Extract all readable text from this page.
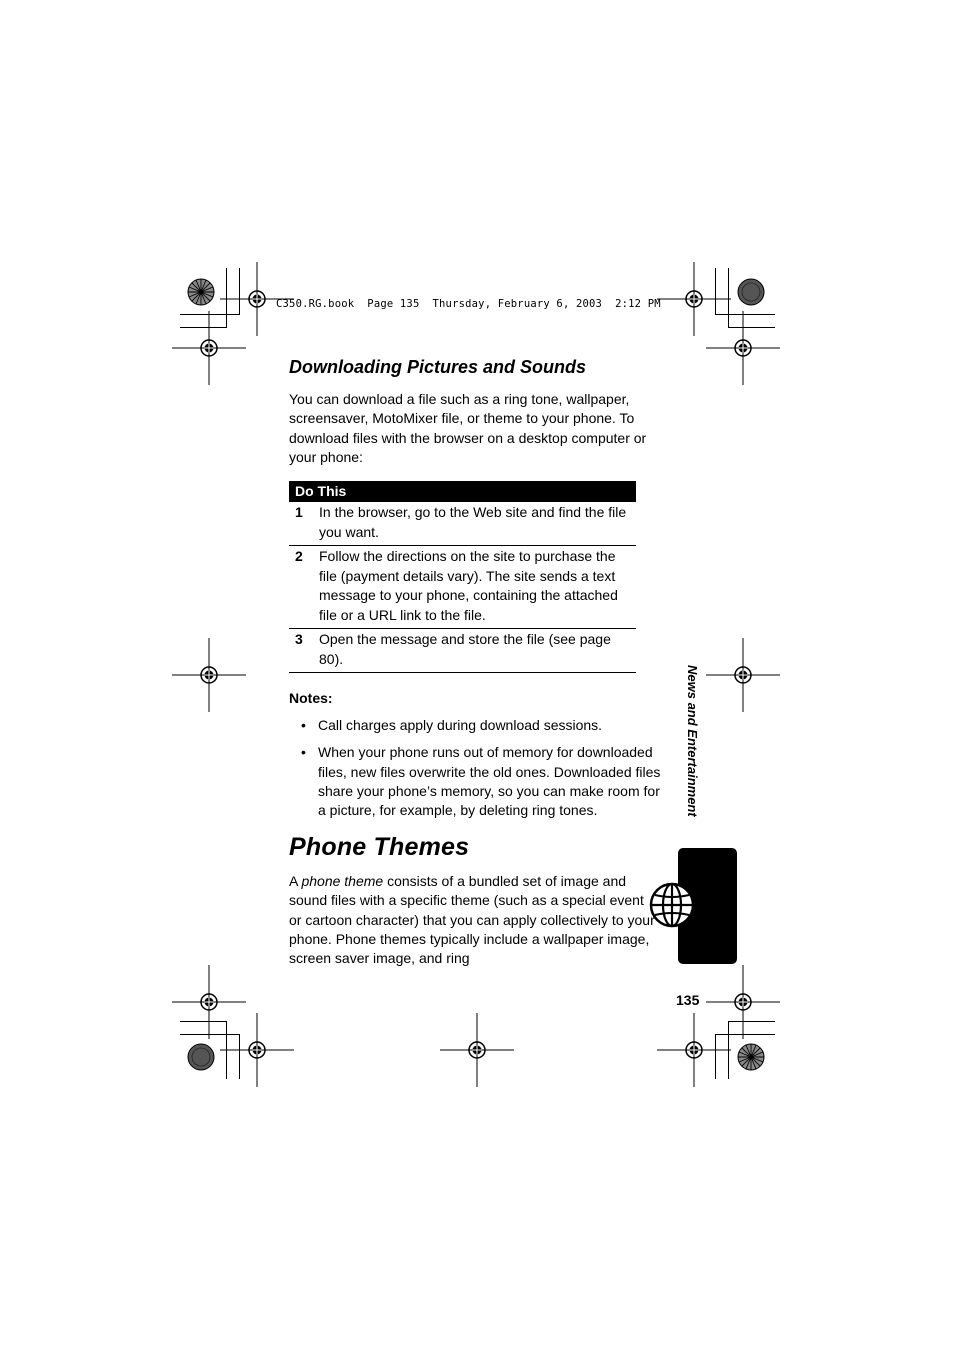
C350.RG.book  Page 135  Thursday, February 6, 2003  2:12 PM
Downloading Pictures and Sounds
You can download a file such as a ring tone, wallpaper, screensaver, MotoMixer file, or theme to your phone. To download files with the browser on a desktop computer or your phone:
Do This
1	In the browser, go to the Web site and find the file you want.
2	Follow the directions on the site to purchase the file (payment details vary). The site sends a text message to your phone, containing the attached file or a URL link to the file.
3	Open the message and store the file (see page 80).
Notes:
• Call charges apply during download sessions.
• When your phone runs out of memory for downloaded files, new files overwrite the old ones. Downloaded files share your phone’s memory, so you can make room for a picture, for example, by deleting ring tones.
Phone Themes
A phone theme consists of a bundled set of image and sound files with a specific theme (such as a special event or cartoon character) that you can apply collectively to your phone. Phone themes typically include a wallpaper image, screen saver image, and ring
News and Entertainment
135
